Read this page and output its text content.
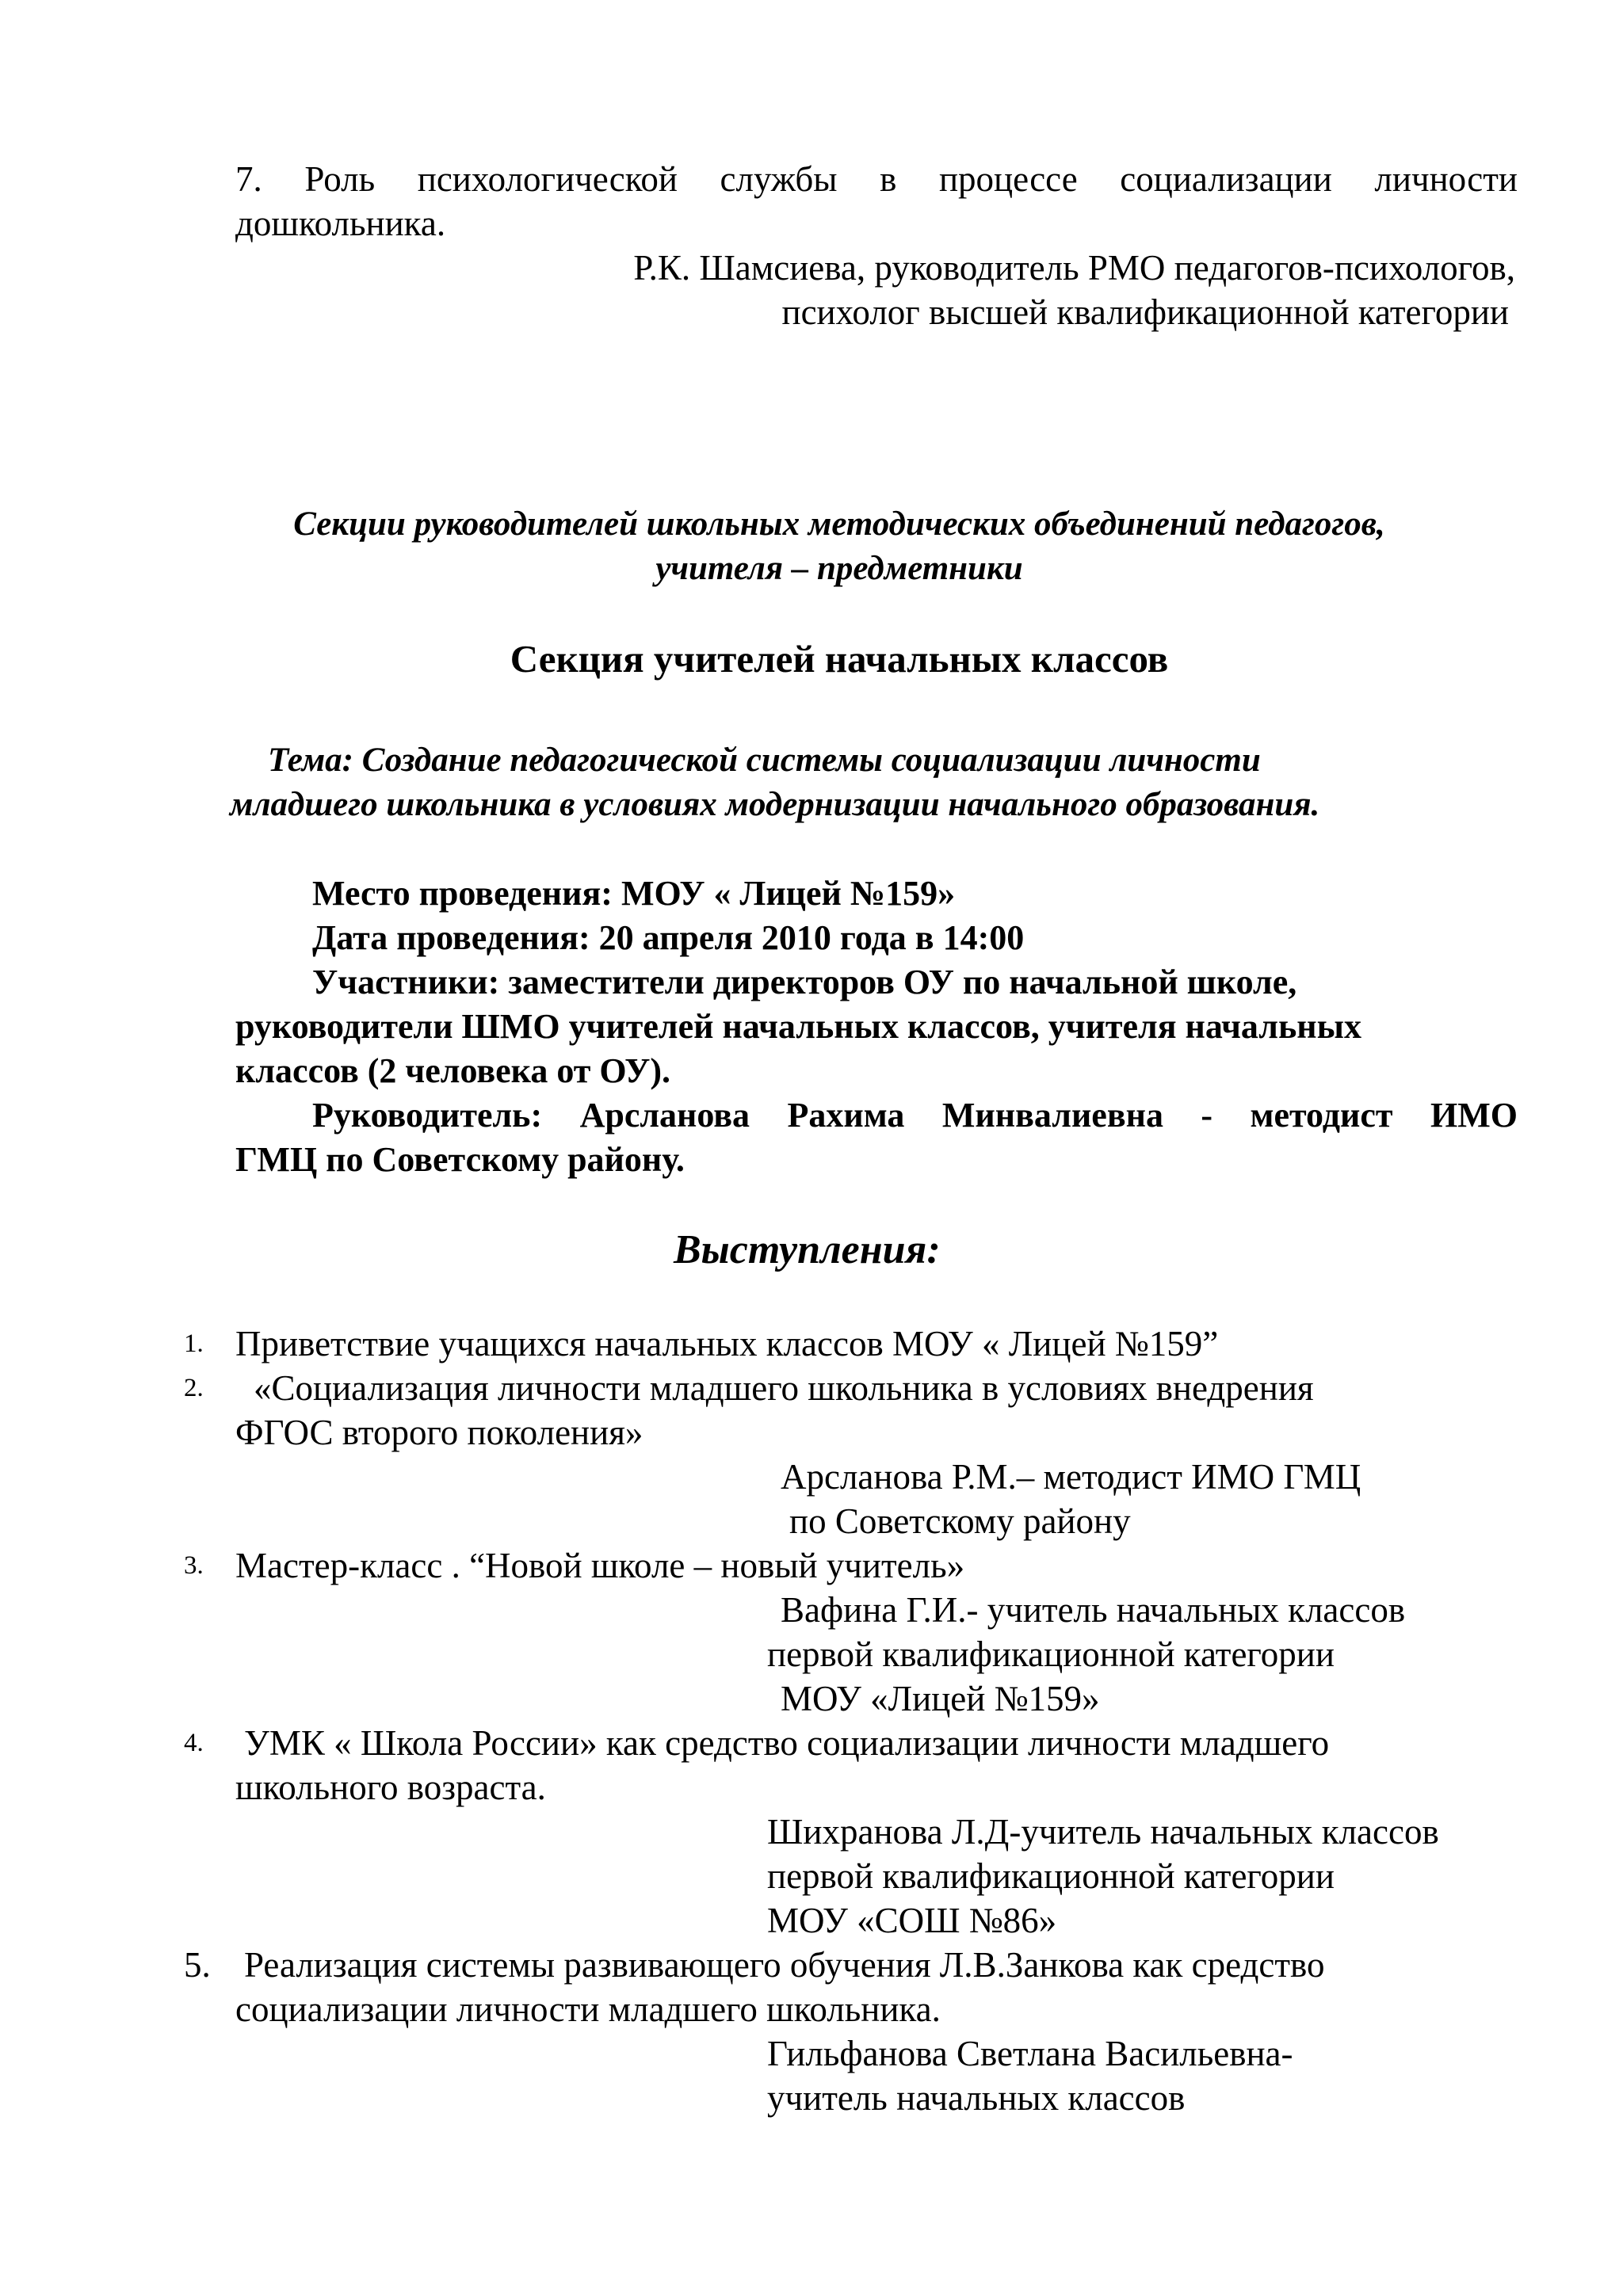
7. Роль психологической службы в процессе социализации личности

дошкольника.

Р.К. Шамсиева, руководитель РМО педагогов-психологов,

психолог высшей квалификационной категории

Секции руководителей школьных методических объединений педагогов,

учителя – предметники

Секция учителей начальных классов

Тема: Создание педагогической системы социализации личности

младшего школьника в условиях модернизации начального образования.

Место проведения: МОУ « Лицей №159»

Дата проведения: 20 апреля 2010 года в 14:00

Участники: заместители директоров ОУ по начальной школе,

руководители ШМО учителей начальных классов, учителя начальных

классов (2 человека от ОУ).

Руководитель: Арсланова Рахима Минвалиевна - методист ИМО

ГМЦ по Советскому району.

Выступления:

1. Приветствие учащихся начальных классов МОУ « Лицей №159”

2. «Социализация личности младшего школьника в условиях внедрения

ФГОС второго поколения»

Арсланова Р.М.– методист ИМО ГМЦ

по Советскому району

3. Мастер-класс . “Новой школе – новый учитель»

Вафина Г.И.- учитель начальных классов

первой квалификационной категории

МОУ «Лицей №159»

4. УМК « Школа России» как средство социализации личности младшего

школьного возраста.

Шихранова Л.Д-учитель начальных классов

первой квалификационной категории

МОУ «СОШ №86»

5. Реализация системы развивающего обучения Л.В.Занкова как средство

социализации личности младшего школьника.

Гильфанова Светлана Васильевна-

учитель начальных классов
